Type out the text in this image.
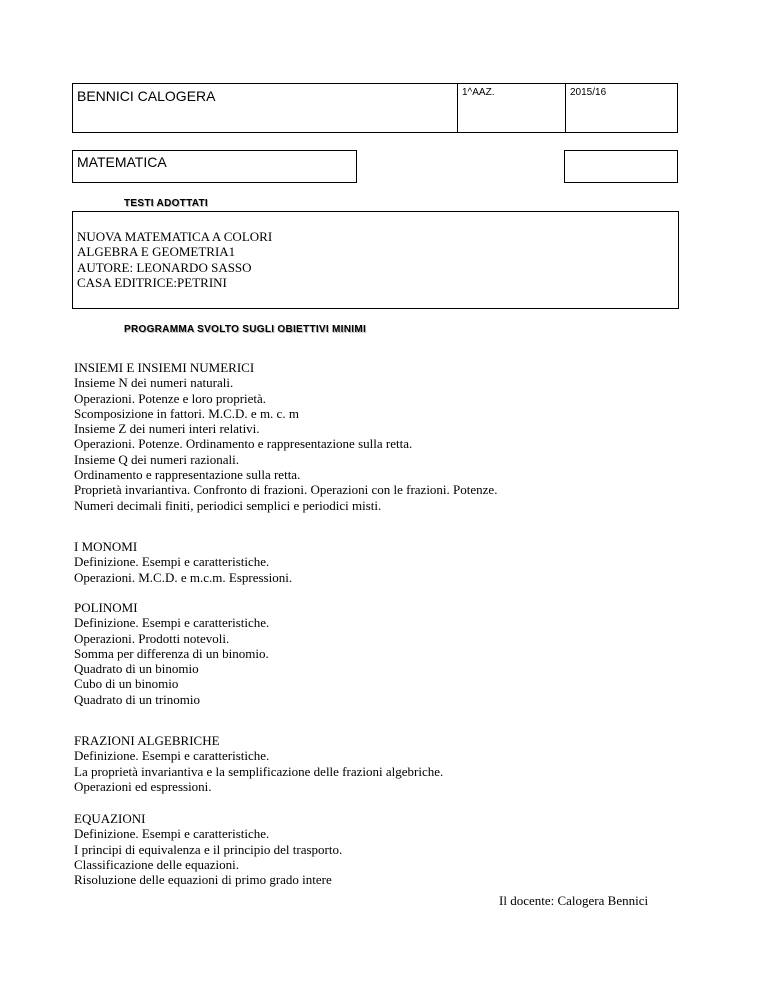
BENNICI CALOGERA	1^AAZ.	2015/16
MATEMATICA
TESTI ADOTTATI
NUOVA MATEMATICA A COLORI
ALGEBRA E GEOMETRIA1
AUTORE: LEONARDO SASSO
CASA EDITRICE:PETRINI
PROGRAMMA SVOLTO SUGLI OBIETTIVI MINIMI
INSIEMI E INSIEMI NUMERICI
Insieme N dei numeri naturali.
Operazioni. Potenze e loro proprietà.
Scomposizione in fattori. M.C.D. e m. c. m
Insieme Z dei numeri interi relativi.
Operazioni. Potenze. Ordinamento e rappresentazione sulla retta.
Insieme Q dei numeri razionali.
Ordinamento e rappresentazione sulla retta.
Proprietà invariantiva. Confronto di frazioni. Operazioni con le frazioni. Potenze.
Numeri decimali finiti, periodici semplici e periodici misti.
I MONOMI
Definizione. Esempi e caratteristiche.
Operazioni. M.C.D. e m.c.m. Espressioni.
POLINOMI
Definizione. Esempi e caratteristiche.
Operazioni. Prodotti notevoli.
Somma per differenza di un binomio.
Quadrato di un binomio
Cubo di un binomio
Quadrato di un trinomio
FRAZIONI ALGEBRICHE
Definizione. Esempi e caratteristiche.
La proprietà invariantiva e la semplificazione delle frazioni algebriche.
Operazioni ed espressioni.
EQUAZIONI
Definizione. Esempi e caratteristiche.
I principi di equivalenza e il principio del trasporto.
Classificazione delle equazioni.
Risoluzione delle equazioni di primo grado intere
Il docente: Calogera Bennici
